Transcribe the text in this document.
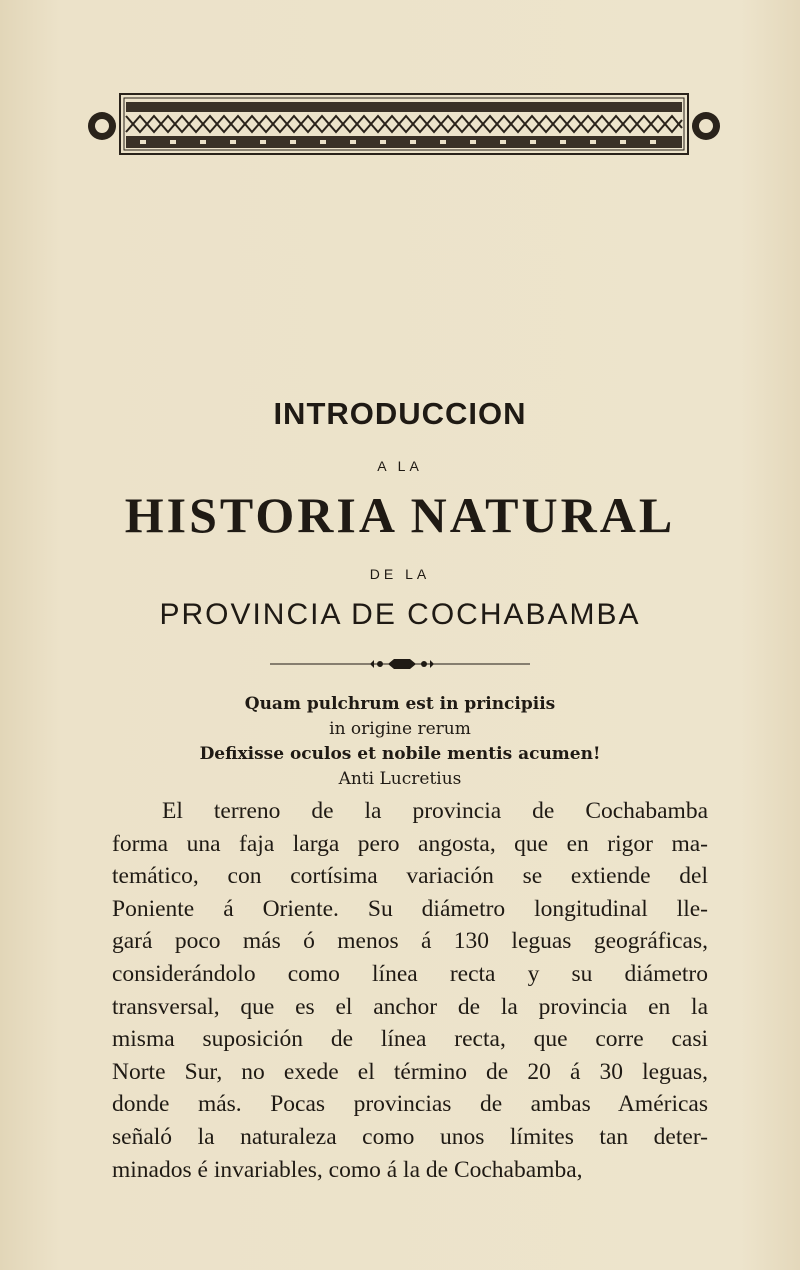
INTRODUCCION
A LA
HISTORIA NATURAL
DE LA
PROVINCIA DE COCHABAMBA
Quam pulchrum est in principiis
in origine rerum
Defixisse oculos et nobile mentis acumen!
Anti Lucretius
El terreno de la provincia de Cochabamba
forma una faja larga pero angosta, que en rigor ma-
temático, con cortísima variación se extiende del
Poniente á Oriente. Su diámetro longitudinal lle-
gará poco más ó menos á 130 leguas geográficas,
considerándolo como línea recta y su diámetro
transversal, que es el anchor de la provincia en la
misma suposición de línea recta, que corre casi
Norte Sur, no exede el término de 20 á 30 leguas,
donde más. Pocas provincias de ambas Américas
señaló la naturaleza como unos límites tan deter-
minados é invariables, como á la de Cochabamba,
